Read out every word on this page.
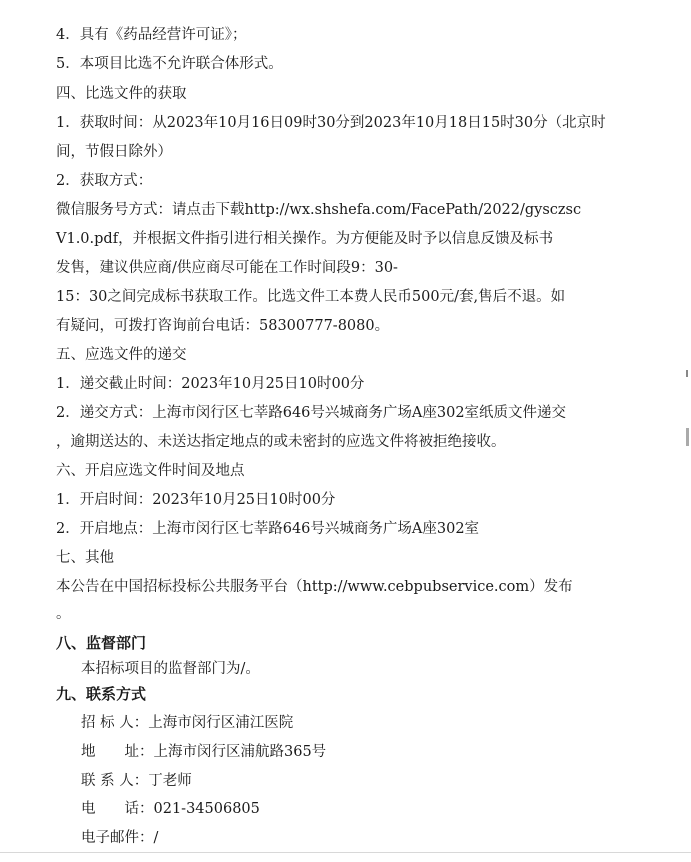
4．具有《药品经营许可证》；
5．本项目比选不允许联合体形式。
四、比选文件的获取
1．获取时间：从2023年10月16日09时30分到2023年10月18日15时30分（北京时
间，节假日除外）
2．获取方式：
微信服务号方式：请点击下载http://wx.shshefa.com/FacePath/2022/gysczsc
V1.0.pdf，并根据文件指引进行相关操作。为方便能及时予以信息反馈及标书
发售，建议供应商/供应商尽可能在工作时间段9：30-
15：30之间完成标书获取工作。比选文件工本费人民币500元/套,售后不退。如
有疑问，可拨打咨询前台电话：58300777-8080。
五、应选文件的递交
1．递交截止时间：2023年10月25日10时00分
2．递交方式：上海市闵行区七莘路646号兴城商务广场A座302室纸质文件递交
，逾期送达的、未送达指定地点的或未密封的应选文件将被拒绝接收。
六、开启应选文件时间及地点
1．开启时间：2023年10月25日10时00分
2．开启地点：上海市闵行区七莘路646号兴城商务广场A座302室
七、其他
本公告在中国招标投标公共服务平台（http://www.cebpubservice.com）发布
。
八、监督部门
本招标项目的监督部门为/。
九、联系方式
招 标 人：上海市闵行区浦江医院
地　　址：上海市闵行区浦航路365号
联 系 人：丁老师
电　　话：021-34506805
电子邮件：/
